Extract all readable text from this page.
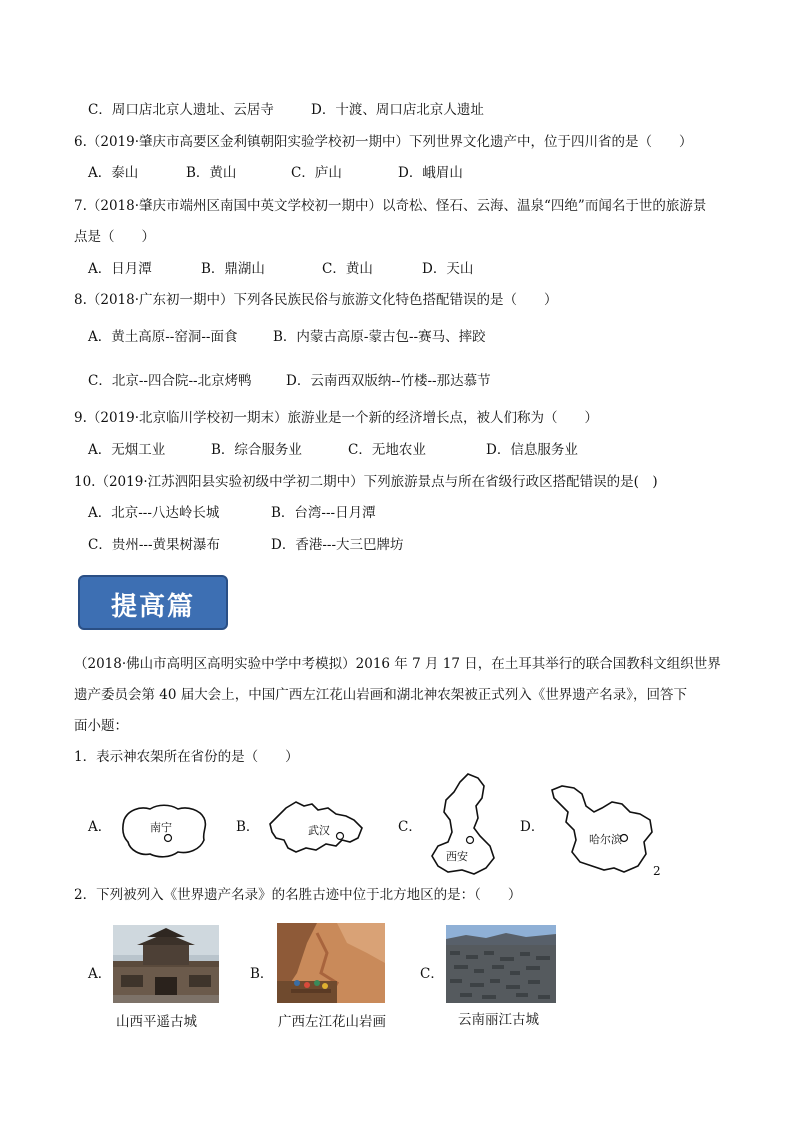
C．周口店北京人遗址、云居寺	D．十渡、周口店北京人遗址
6.（2019·肇庆市高要区金利镇朝阳实验学校初一期中）下列世界文化遗产中，位于四川省的是（　　）
A．泰山	B．黄山	C．庐山	D．峨眉山
7.（2018·肇庆市端州区南国中英文学校初一期中）以奇松、怪石、云海、温泉“四绝”而闻名于世的旅游景
点是（　　）
A．日月潭	B．鼎湖山	C．黄山	D．天山
8.（2018·广东初一期中）下列各民族民俗与旅游文化特色搭配错误的是（　　）
A．黄土高原--窑洞--面食	B．内蒙古高原-蒙古包--赛马、摔跤
C．北京--四合院--北京烤鸭	D．云南西双版纳--竹楼--那达慕节
9.（2019·北京临川学校初一期末）旅游业是一个新的经济增长点，被人们称为（　　）
A．无烟工业	B．综合服务业	C．无地农业	D．信息服务业
10.（2019·江苏泗阳县实验初级中学初二期中）下列旅游景点与所在省级行政区搭配错误的是(　)
A．北京---八达岭长城	B．台湾---日月潭
C．贵州---黄果树瀑布	D．香港---大三巴牌坊
提高篇
（2018·佛山市高明区高明实验中学中考模拟）2016 年 7 月 17 日，在土耳其举行的联合国教科文组织世界
遗产委员会第 40 届大会上，中国广西左江花山岩画和湖北神农架被正式列入《世界遗产名录》，回答下
面小题：
1．表示神农架所在省份的是（　　）
A．	B．	C．	D．
南宁	武汉
西安
哈尔滨
2
2．下列被列入《世界遗产名录》的名胜古迹中位于北方地区的是：（　　）
A．	B．	C．
山西平遥古城	广西左江花山岩画	云南丽江古城
